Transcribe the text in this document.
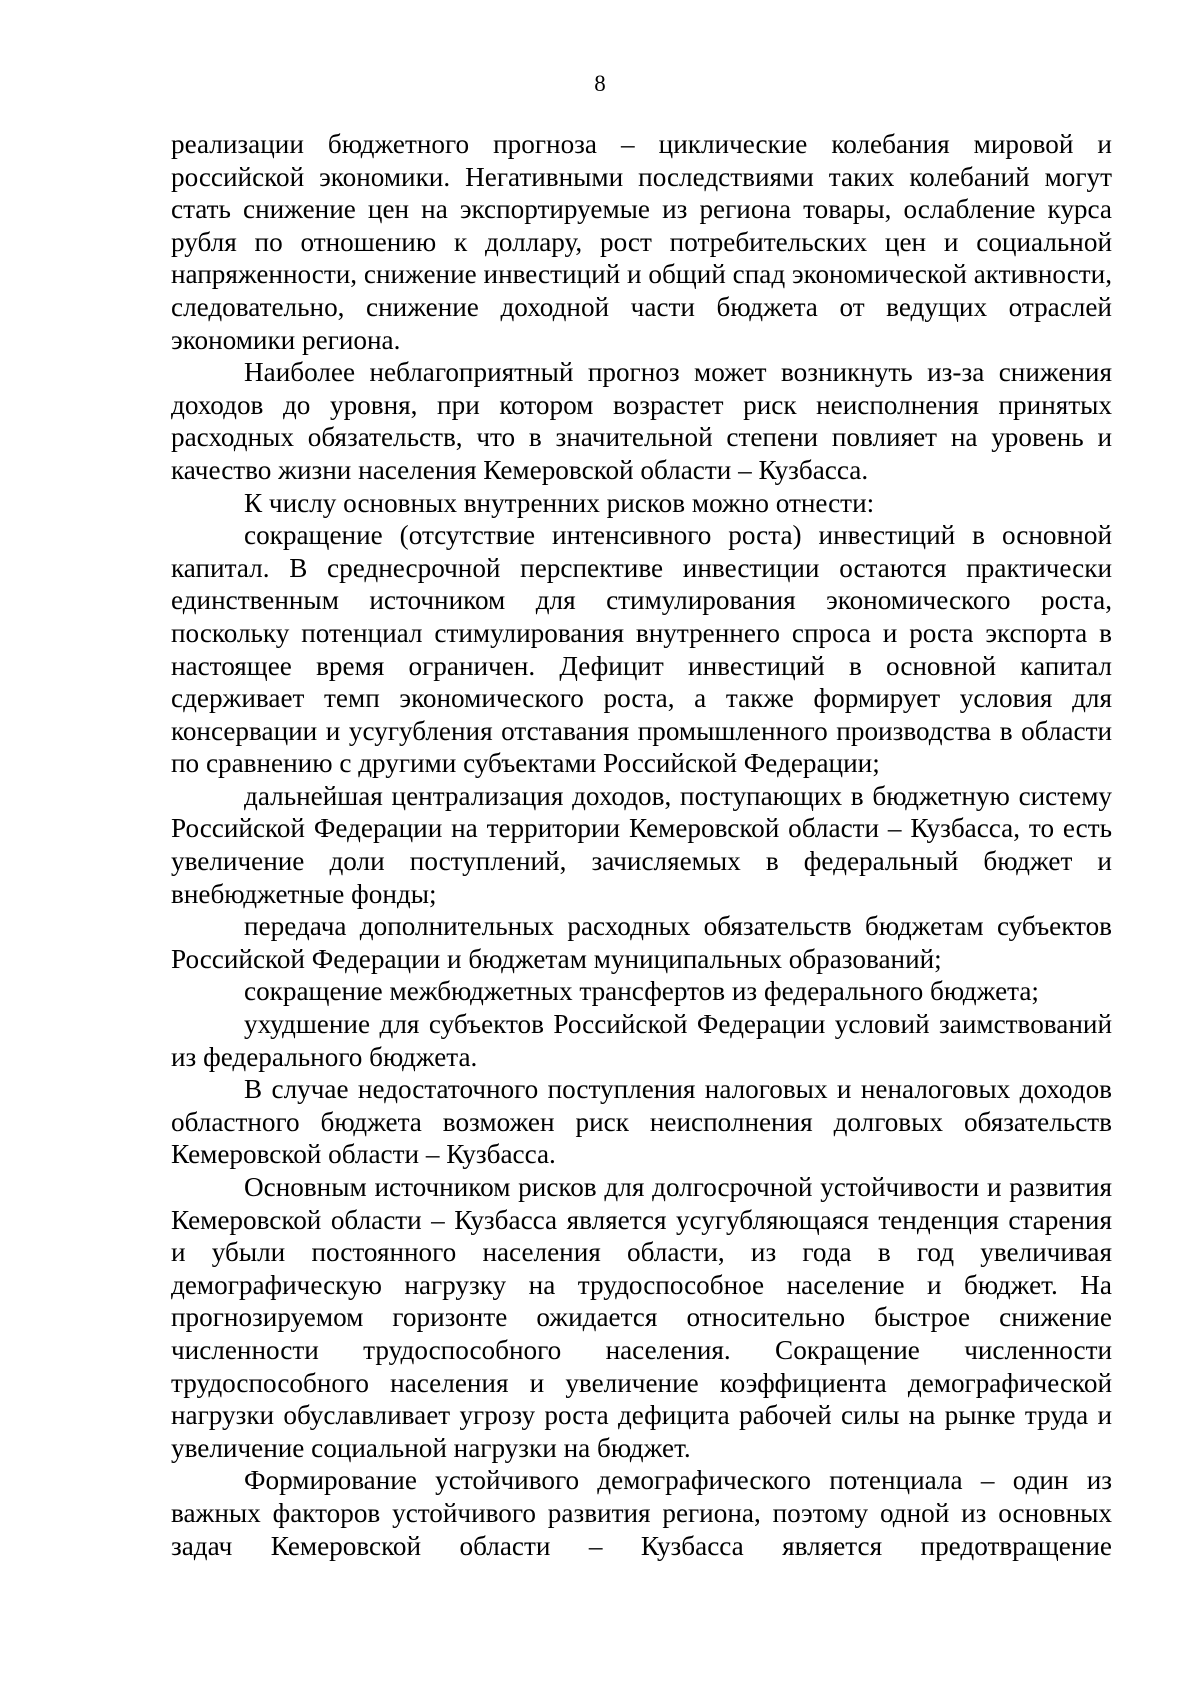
8

реализации бюджетного прогноза – циклические колебания мировой и российской экономики. Негативными последствиями таких колебаний могут стать снижение цен на экспортируемые из региона товары, ослабление курса рубля по отношению к доллару, рост потребительских цен и социальной напряженности, снижение инвестиций и общий спад экономической активности, следовательно, снижение доходной части бюджета от ведущих отраслей экономики региона.

Наиболее неблагоприятный прогноз может возникнуть из-за снижения доходов до уровня, при котором возрастет риск неисполнения принятых расходных обязательств, что в значительной степени повлияет на уровень и качество жизни населения Кемеровской области – Кузбасса.

К числу основных внутренних рисков можно отнести:

сокращение (отсутствие интенсивного роста) инвестиций в основной капитал. В среднесрочной перспективе инвестиции остаются практически единственным источником для стимулирования экономического роста, поскольку потенциал стимулирования внутреннего спроса и роста экспорта в настоящее время ограничен. Дефицит инвестиций в основной капитал сдерживает темп экономического роста, а также формирует условия для консервации и усугубления отставания промышленного производства в области по сравнению с другими субъектами Российской Федерации;

дальнейшая централизация доходов, поступающих в бюджетную систему Российской Федерации на территории Кемеровской области – Кузбасса, то есть увеличение доли поступлений, зачисляемых в федеральный бюджет и внебюджетные фонды;

передача дополнительных расходных обязательств бюджетам субъектов Российской Федерации и бюджетам муниципальных образований;

сокращение межбюджетных трансфертов из федерального бюджета;

ухудшение для субъектов Российской Федерации условий заимствований из федерального бюджета.

В случае недостаточного поступления налоговых и неналоговых доходов областного бюджета возможен риск неисполнения долговых обязательств Кемеровской области – Кузбасса.

Основным источником рисков для долгосрочной устойчивости и развития Кемеровской области – Кузбасса является усугубляющаяся тенденция старения и убыли постоянного населения области, из года в год увеличивая демографическую нагрузку на трудоспособное население и бюджет. На прогнозируемом горизонте ожидается относительно быстрое снижение численности трудоспособного населения. Сокращение численности трудоспособного населения и увеличение коэффициента демографической нагрузки обуславливает угрозу роста дефицита рабочей силы на рынке труда и увеличение социальной нагрузки на бюджет.

Формирование устойчивого демографического потенциала – один из важных факторов устойчивого развития региона, поэтому одной из основных задач Кемеровской области – Кузбасса является предотвращение
